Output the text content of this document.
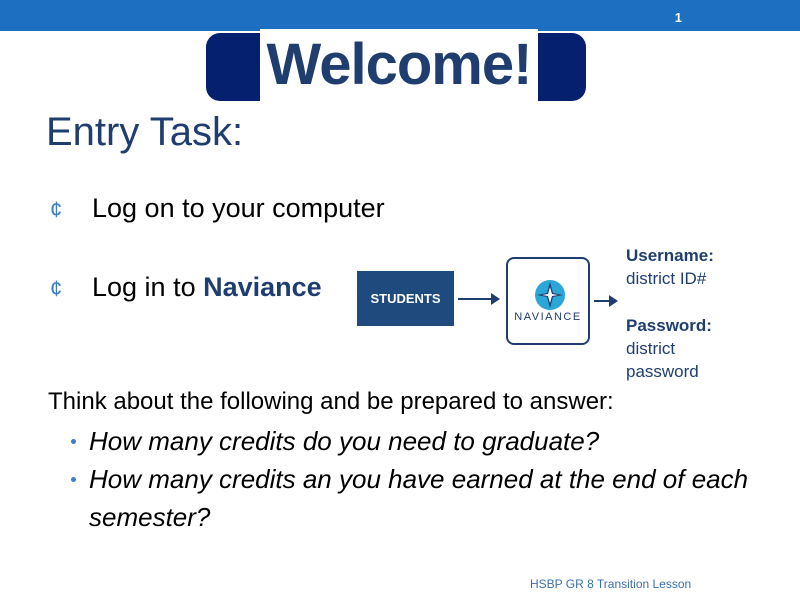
1
Welcome!
Entry Task:
¢ Log on to your computer
¢ Log in to Naviance	STUDENTS
NAVIANCE
Username:
district ID#
Password:
district
password
Think about the following and be prepared to answer:
How many credits do you need to graduate?
How many credits an you have earned at the end of each semester?
HSBP GR 8 Transition Lesson
